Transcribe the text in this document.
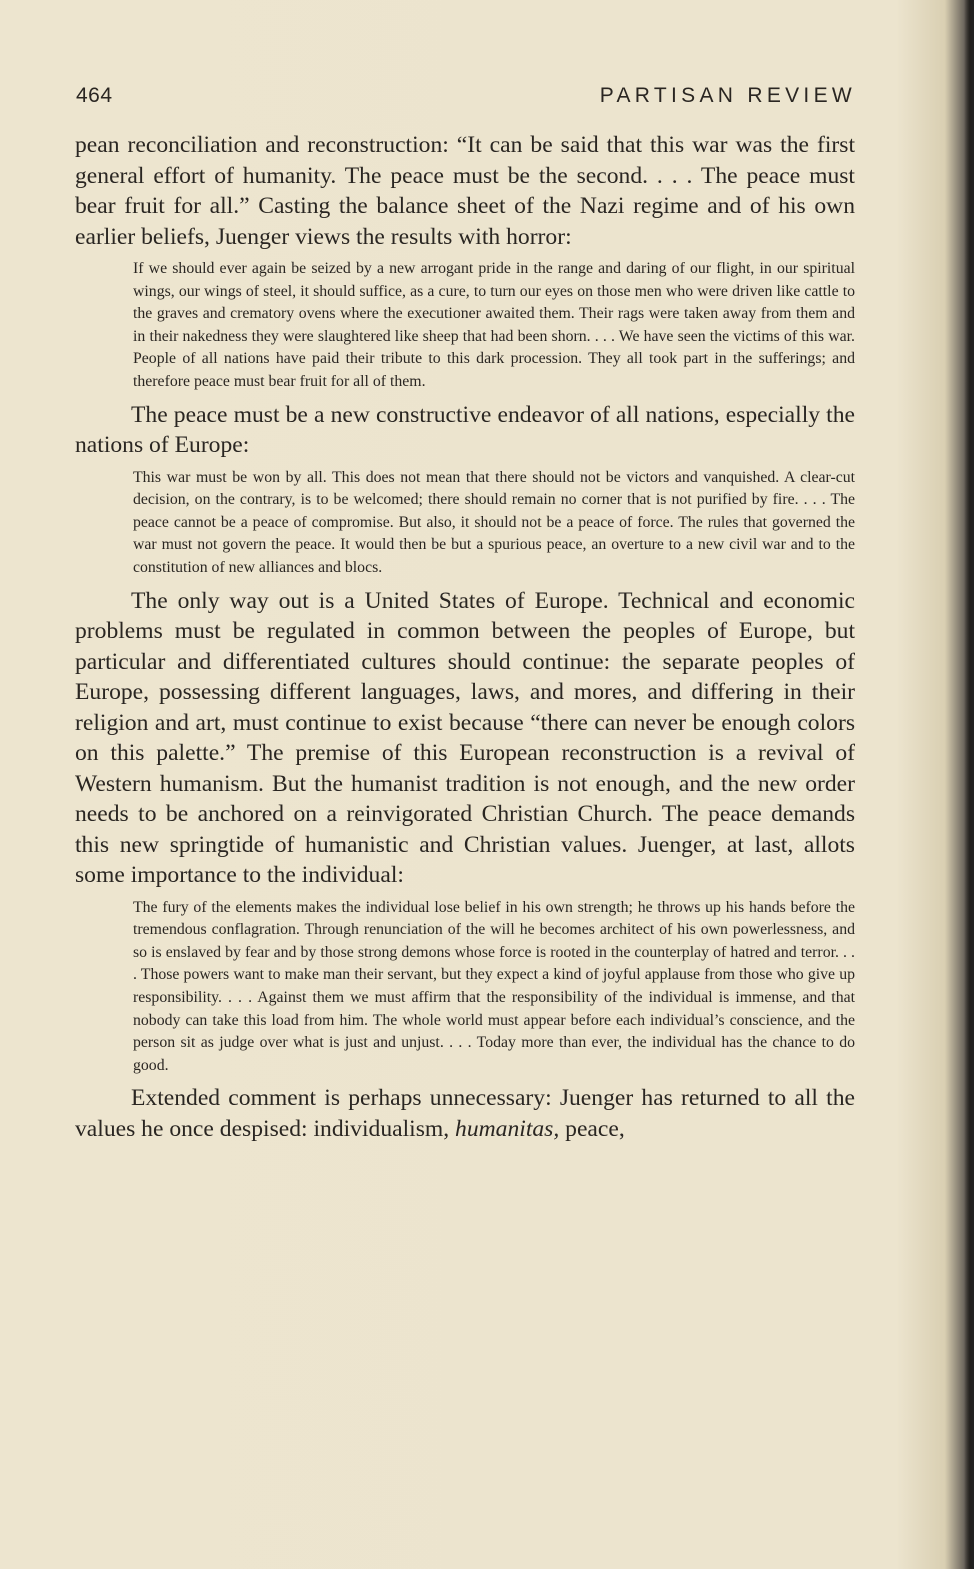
464	PARTISAN REVIEW

pean reconciliation and reconstruction: “It can be said that this war was the first general effort of humanity. The peace must be the second. . . . The peace must bear fruit for all.” Casting the balance sheet of the Nazi regime and of his own earlier beliefs, Juenger views the results with horror:

If we should ever again be seized by a new arrogant pride in the range and daring of our flight, in our spiritual wings, our wings of steel, it should suffice, as a cure, to turn our eyes on those men who were driven like cattle to the graves and crematory ovens where the executioner awaited them. Their rags were taken away from them and in their nakedness they were slaughtered like sheep that had been shorn. . . . We have seen the victims of this war. People of all nations have paid their tribute to this dark procession. They all took part in the sufferings; and therefore peace must bear fruit for all of them.

The peace must be a new constructive endeavor of all nations, especially the nations of Europe:

This war must be won by all. This does not mean that there should not be victors and vanquished. A clear-cut decision, on the contrary, is to be welcomed; there should remain no corner that is not purified by fire. . . . The peace cannot be a peace of compromise. But also, it should not be a peace of force. The rules that governed the war must not govern the peace. It would then be but a spurious peace, an overture to a new civil war and to the constitution of new alliances and blocs.

The only way out is a United States of Europe. Technical and economic problems must be regulated in common between the peoples of Europe, but particular and differentiated cultures should continue: the separate peoples of Europe, possessing different languages, laws, and mores, and differing in their religion and art, must continue to exist because “there can never be enough colors on this palette.” The premise of this European reconstruction is a revival of Western humanism. But the humanist tradition is not enough, and the new order needs to be anchored on a reinvigorated Christian Church. The peace demands this new springtide of humanistic and Christian values. Juenger, at last, allots some importance to the individual:

The fury of the elements makes the individual lose belief in his own strength; he throws up his hands before the tremendous conflagration. Through renunciation of the will he becomes architect of his own powerlessness, and so is enslaved by fear and by those strong demons whose force is rooted in the counterplay of hatred and terror. . . . Those powers want to make man their servant, but they expect a kind of joyful applause from those who give up responsibility. . . . Against them we must affirm that the responsibility of the individual is immense, and that nobody can take this load from him. The whole world must appear before each individual’s conscience, and the person sit as judge over what is just and unjust. . . . Today more than ever, the individual has the chance to do good.

Extended comment is perhaps unnecessary: Juenger has returned to all the values he once despised: individualism, humanitas, peace,
